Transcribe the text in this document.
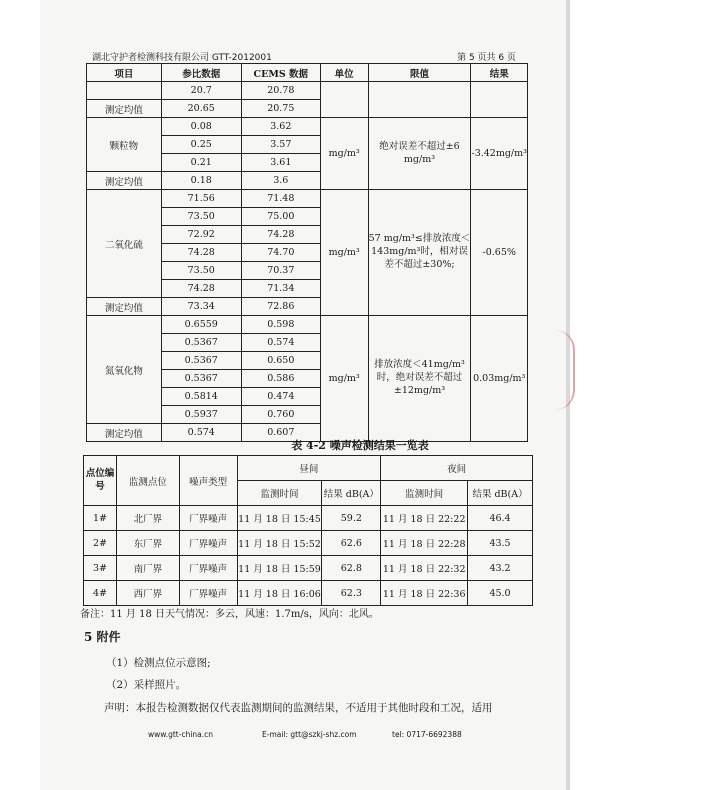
湖北守护者检测科技有限公司 GTT-2012001	第 5 页共 6 页
项目	参比数据	CEMS 数据	单位	限值	结果
	20.7	20.78			
测定均值	20.65	20.75			
颗粒物	0.08	3.62	mg/m³	绝对误差不超过±6 mg/m³	-3.42mg/m³
	0.25	3.57			
	0.21	3.61			
测定均值	0.18	3.6			
二氧化硫	71.56	71.48	mg/m³	57 mg/m³≤排放浓度＜143mg/m³时，相对误差不超过±30%;	-0.65%
	73.50	75.00			
	72.92	74.28			
	74.28	74.70			
	73.50	70.37			
	74.28	71.34			
测定均值	73.34	72.86			
氮氧化物	0.6559	0.598	mg/m³	排放浓度＜41mg/m³时，绝对误差不超过±12mg/m³	0.03mg/m³
	0.5367	0.574			
	0.5367	0.650			
	0.5367	0.586			
	0.5814	0.474			
	0.5937	0.760			
测定均值	0.574	0.607			
表 4-2 噪声检测结果一览表
点位编号	监测点位	噪声类型	昼间		夜间	
			监测时间	结果 dB(A）	监测时间	结果 dB(A）
1#	北厂界	厂界噪声	11 月 18 日 15:45	59.2	11 月 18 日 22:22	46.4
2#	东厂界	厂界噪声	11 月 18 日 15:52	62.6	11 月 18 日 22:28	43.5
3#	南厂界	厂界噪声	11 月 18 日 15:59	62.8	11 月 18 日 22:32	43.2
4#	西厂界	厂界噪声	11 月 18 日 16:06	62.3	11 月 18 日 22:36	45.0
备注：11 月 18 日天气情况：多云，风速：1.7m/s，风向：北风。
5 附件
（1）检测点位示意图;
（2）采样照片。
声明：本报告检测数据仅代表监测期间的监测结果，不适用于其他时段和工况，适用
www.gtt-china.cn	E-mail: gtt@szkj-shz.com	tel: 0717-6692388
